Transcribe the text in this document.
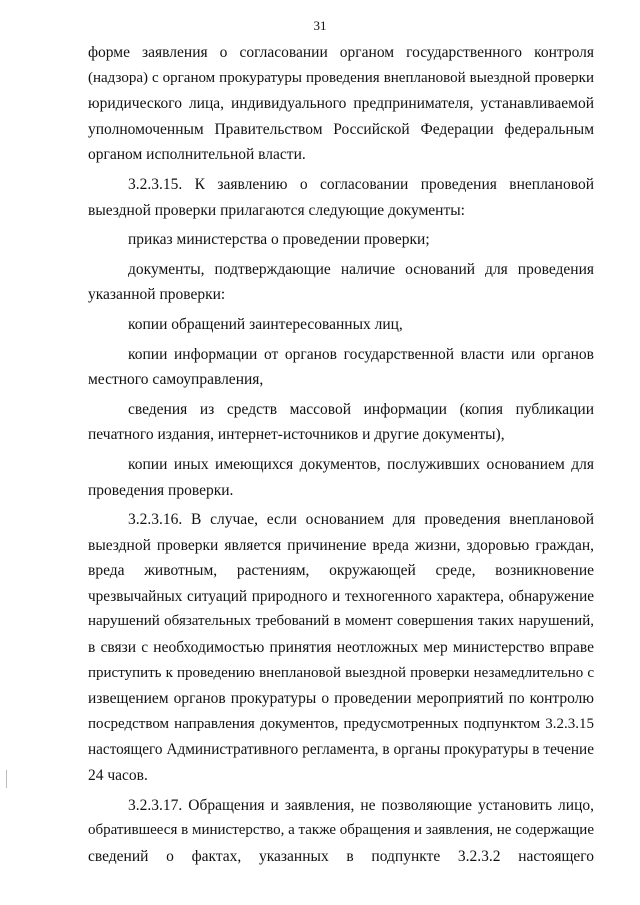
31
форме заявления о согласовании органом государственного контроля
(надзора) с органом прокуратуры проведения внеплановой выездной проверки
юридического лица, индивидуального предпринимателя, устанавливаемой
уполномоченным Правительством Российской Федерации федеральным
органом исполнительной власти.
3.2.3.15. К заявлению о согласовании проведения внеплановой
выездной проверки прилагаются следующие документы:
приказ министерства о проведении проверки;
документы, подтверждающие наличие оснований для проведения
указанной проверки:
копии обращений заинтересованных лиц,
копии информации от органов государственной власти или органов
местного самоуправления,
сведения из средств массовой информации (копия публикации
печатного издания, интернет-источников и другие документы),
копии иных имеющихся документов, послуживших основанием для
проведения проверки.
3.2.3.16. В случае, если основанием для проведения внеплановой
выездной проверки является причинение вреда жизни, здоровью граждан,
вреда животным, растениям, окружающей среде, возникновение
чрезвычайных ситуаций природного и техногенного характера, обнаружение
нарушений обязательных требований в момент совершения таких нарушений,
в связи с необходимостью принятия неотложных мер министерство вправе
приступить к проведению внеплановой выездной проверки незамедлительно с
извещением органов прокуратуры о проведении мероприятий по контролю
посредством направления документов, предусмотренных подпунктом 3.2.3.15
настоящего Административного регламента, в органы прокуратуры в течение
24 часов.
3.2.3.17. Обращения и заявления, не позволяющие установить лицо,
обратившееся в министерство, а также обращения и заявления, не содержащие
сведений о фактах, указанных в подпункте 3.2.3.2 настоящего
